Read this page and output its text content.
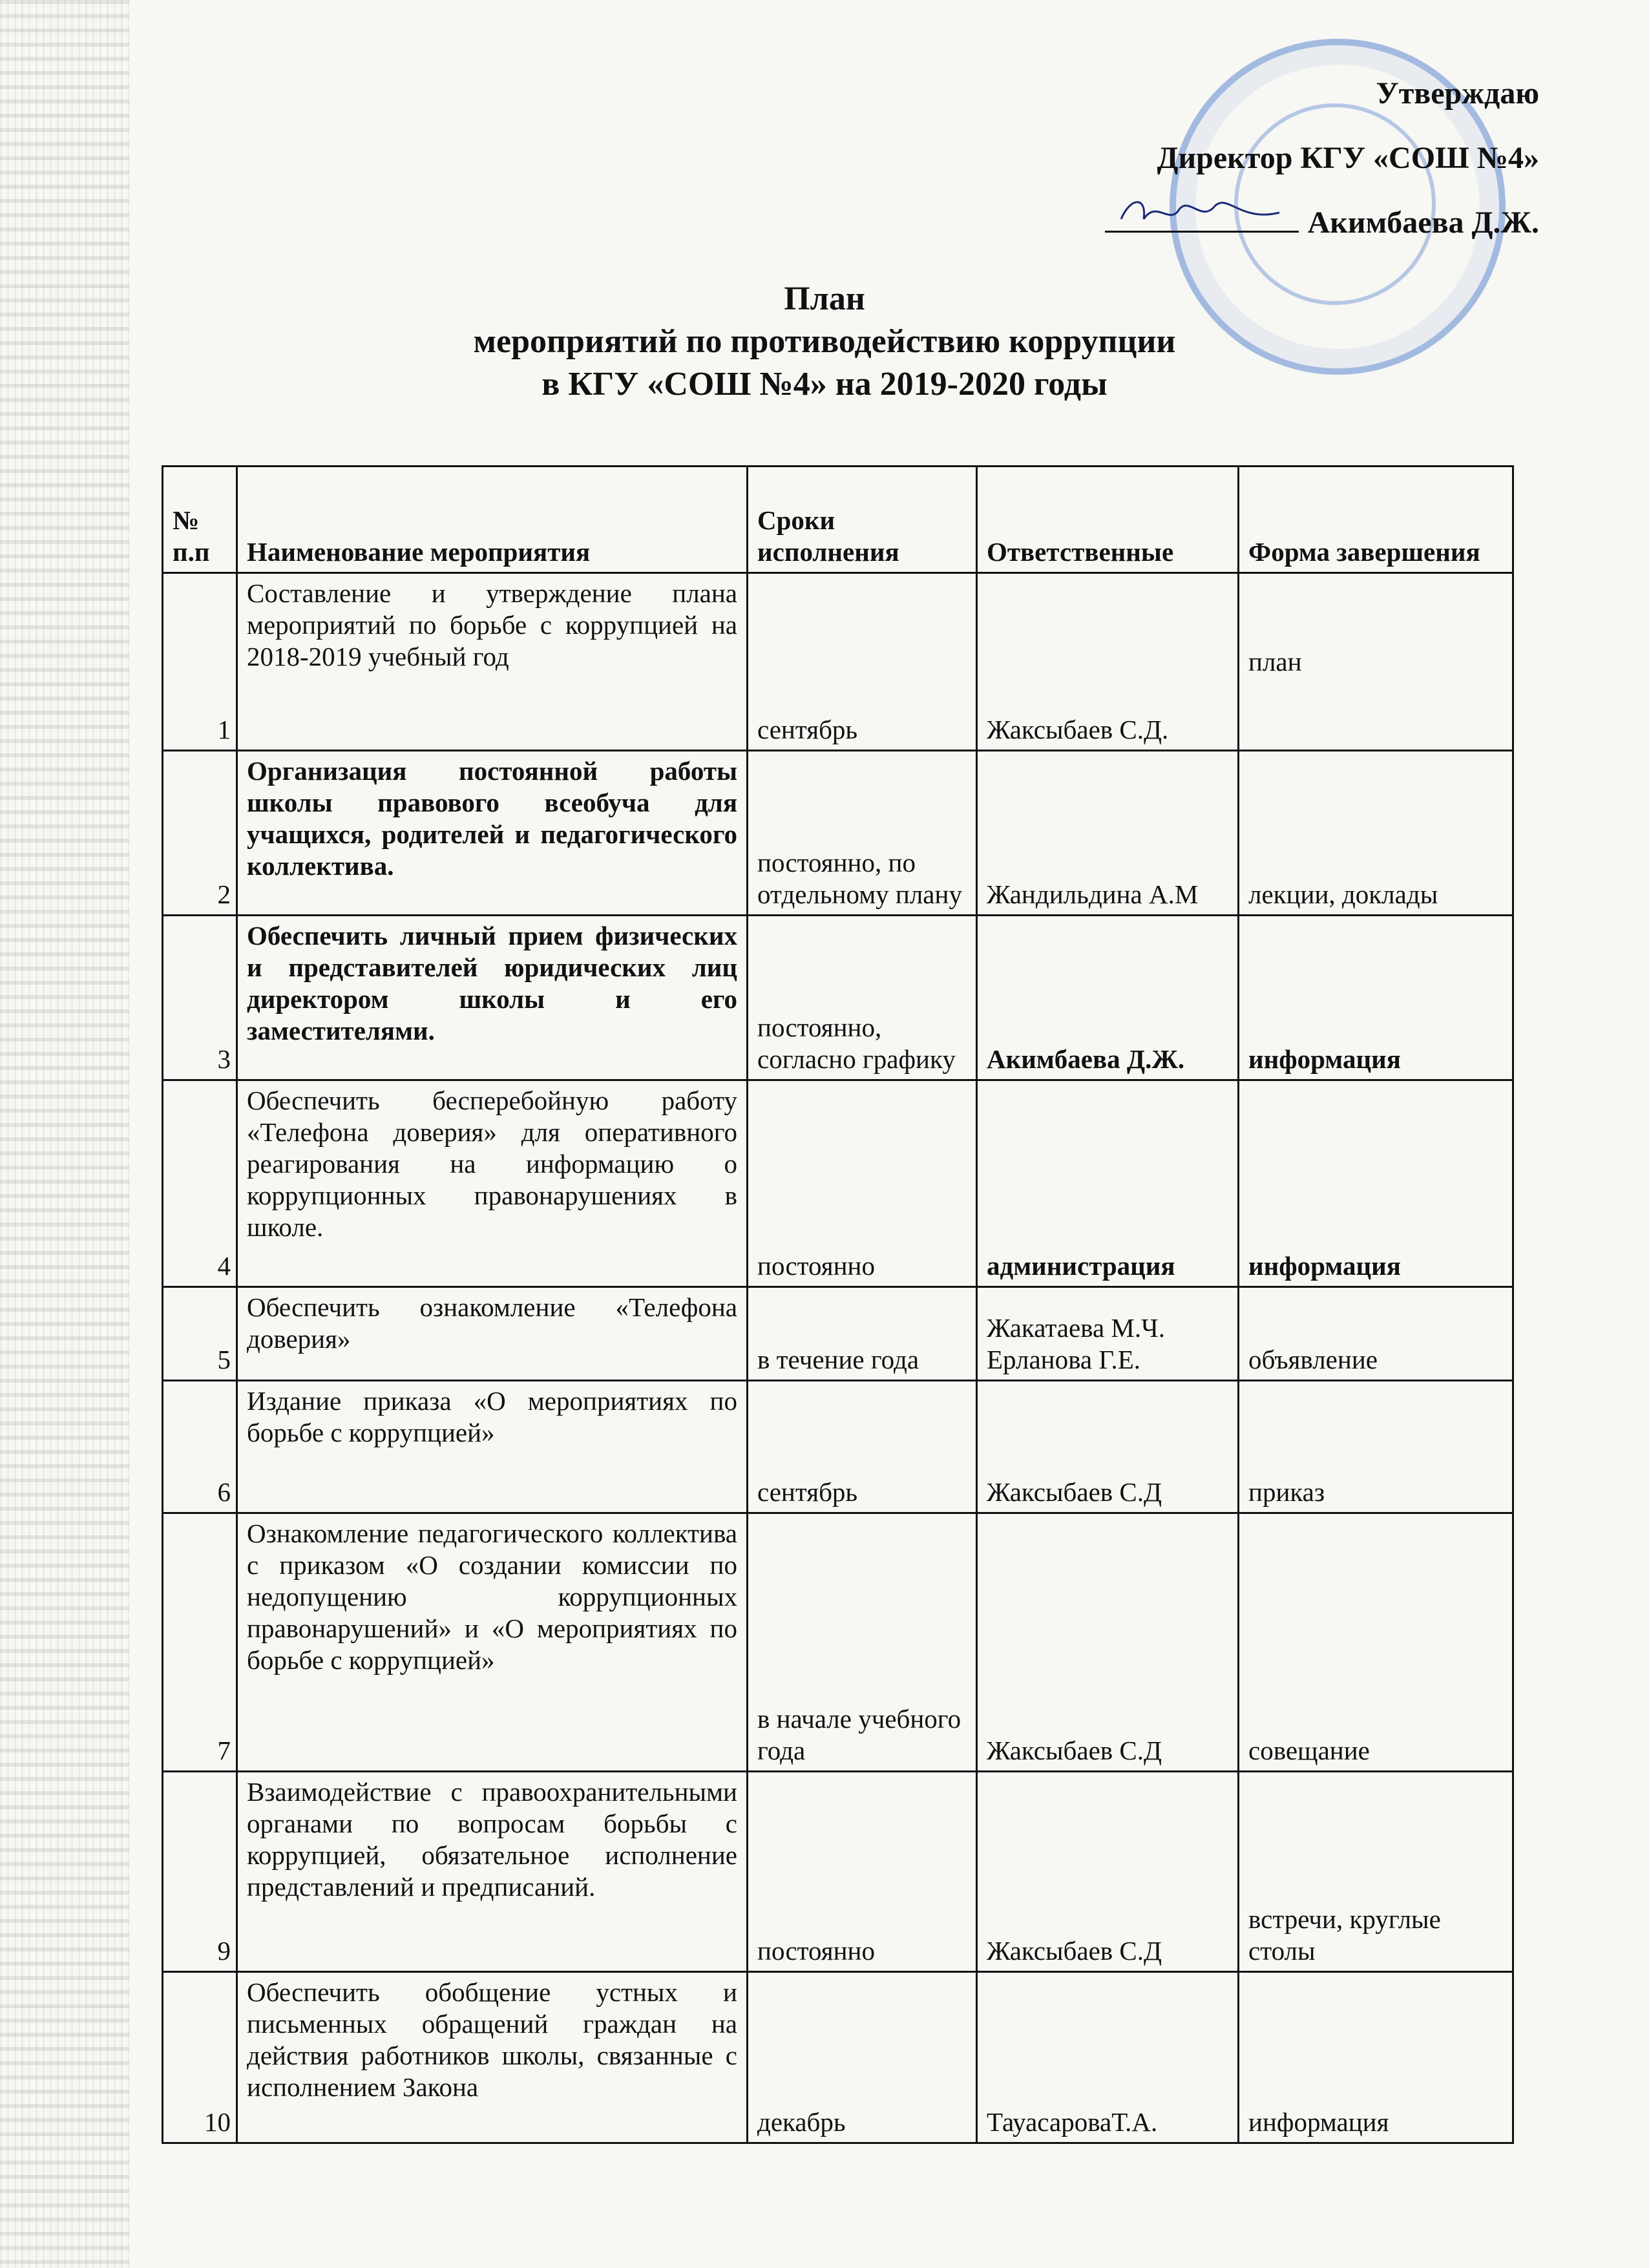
Утверждаю
Директор КГУ «СОШ №4»
Акимбаева Д.Ж.
План
мероприятий по противодействию коррупции
в КГУ «СОШ №4» на 2019-2020 годы
№ п.п	Наименование мероприятия	Сроки исполнения	Ответственные	Форма завершения
1	Составление и утверждение плана мероприятий по борьбе с коррупцией на 2018-2019 учебный год	сентябрь	Жаксыбаев С.Д.	план
2	Организация постоянной работы школы правового всеобуча для учащихся, родителей и педагогического коллектива.	постоянно, по отдельному плану	Жандильдина А.М	лекции, доклады
3	Обеспечить личный прием физических и представителей юридических лиц директором школы и его заместителями.	постоянно, согласно графику	Акимбаева Д.Ж.	информация
4	Обеспечить бесперебойную работу «Телефона доверия» для оперативного реагирования на информацию о коррупционных правонарушениях в школе.	постоянно	администрация	информация
5	Обеспечить ознакомление «Телефона доверия»	в течение года	Жакатаева М.Ч. Ерланова Г.Е.	объявление
6	Издание приказа «О мероприятиях по борьбе с коррупцией»	сентябрь	Жаксыбаев С.Д	приказ
7	Ознакомление педагогического коллектива с приказом «О создании комиссии по недопущению коррупционных правонарушений» и «О мероприятиях по борьбе с коррупцией»	в начале учебного года	Жаксыбаев С.Д	совещание
9	Взаимодействие с правоохранительными органами по вопросам борьбы с коррупцией, обязательное исполнение представлений и предписаний.	постоянно	Жаксыбаев С.Д	встречи, круглые столы
10	Обеспечить обобщение устных и письменных обращений граждан на действия работников школы, связанные с исполнением Закона	декабрь	ТауасароваТ.А.	информация
